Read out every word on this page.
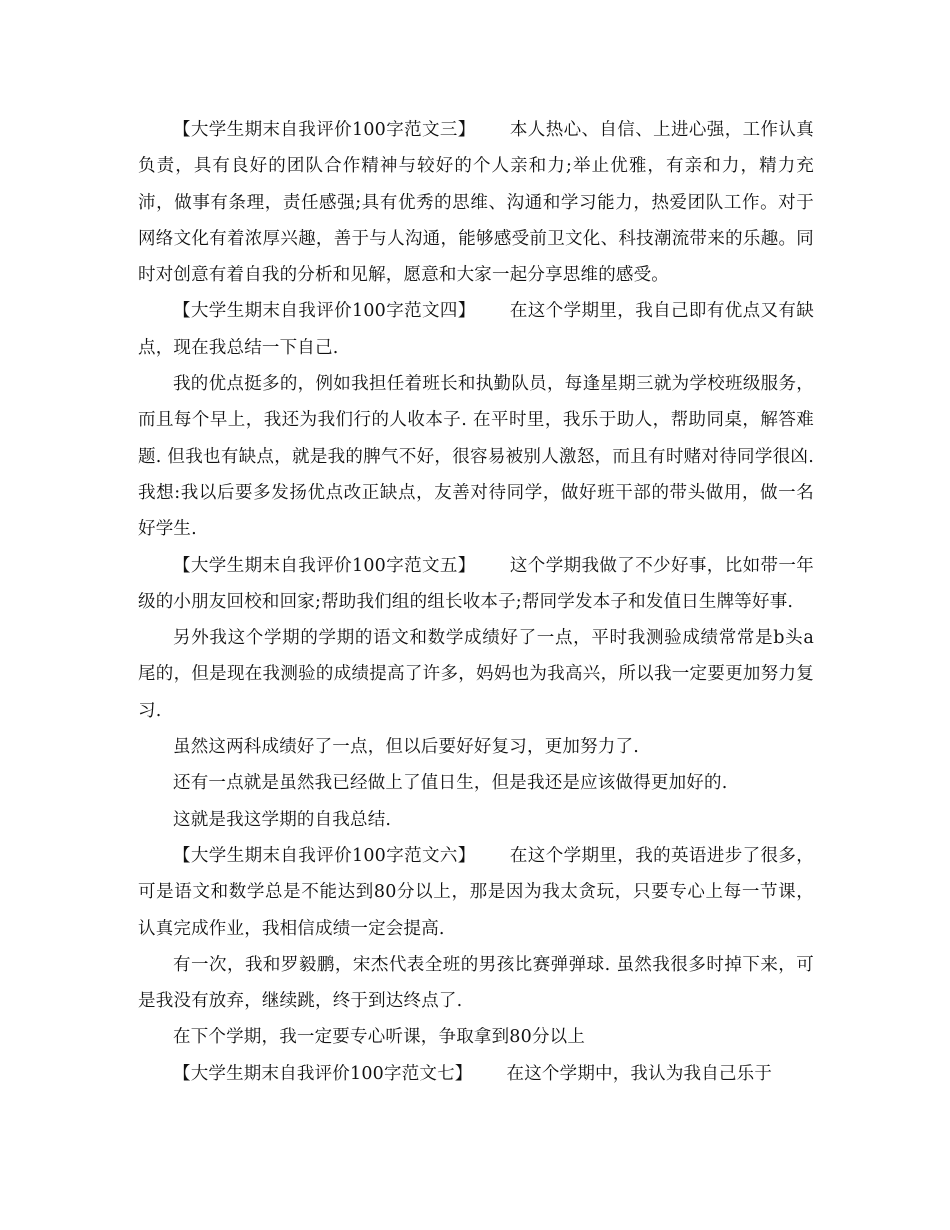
【大学生期末自我评价100字范文三】 本人热心、自信、上进心强，工作认真负责，具有良好的团队合作精神与较好的个人亲和力;举止优雅，有亲和力，精力充沛，做事有条理，责任感强;具有优秀的思维、沟通和学习能力，热爱团队工作。对于网络文化有着浓厚兴趣，善于与人沟通，能够感受前卫文化、科技潮流带来的乐趣。同时对创意有着自我的分析和见解，愿意和大家一起分享思维的感受。

【大学生期末自我评价100字范文四】 在这个学期里，我自己即有优点又有缺点，现在我总结一下自己.

我的优点挺多的，例如我担任着班长和执勤队员，每逢星期三就为学校班级服务，而且每个早上，我还为我们行的人收本子. 在平时里，我乐于助人，帮助同桌，解答难题. 但我也有缺点，就是我的脾气不好，很容易被别人激怒，而且有时赌对待同学很凶. 我想:我以后要多发扬优点改正缺点，友善对待同学，做好班干部的带头做用，做一名好学生.

【大学生期末自我评价100字范文五】 这个学期我做了不少好事，比如带一年级的小朋友回校和回家;帮助我们组的组长收本子;帮同学发本子和发值日生牌等好事.

另外我这个学期的学期的语文和数学成绩好了一点，平时我测验成绩常常是b头a尾的，但是现在我测验的成绩提高了许多，妈妈也为我高兴，所以我一定要更加努力复习.

虽然这两科成绩好了一点，但以后要好好复习，更加努力了.

还有一点就是虽然我已经做上了值日生，但是我还是应该做得更加好的.

这就是我这学期的自我总结.

【大学生期末自我评价100字范文六】 在这个学期里，我的英语进步了很多，可是语文和数学总是不能达到80分以上，那是因为我太贪玩，只要专心上每一节课，认真完成作业，我相信成绩一定会提高.

有一次，我和罗毅鹏，宋杰代表全班的男孩比赛弹弹球. 虽然我很多时掉下来，可是我没有放弃，继续跳，终于到达终点了.

在下个学期，我一定要专心听课，争取拿到80分以上

【大学生期末自我评价100字范文七】 在这个学期中，我认为我自己乐于
